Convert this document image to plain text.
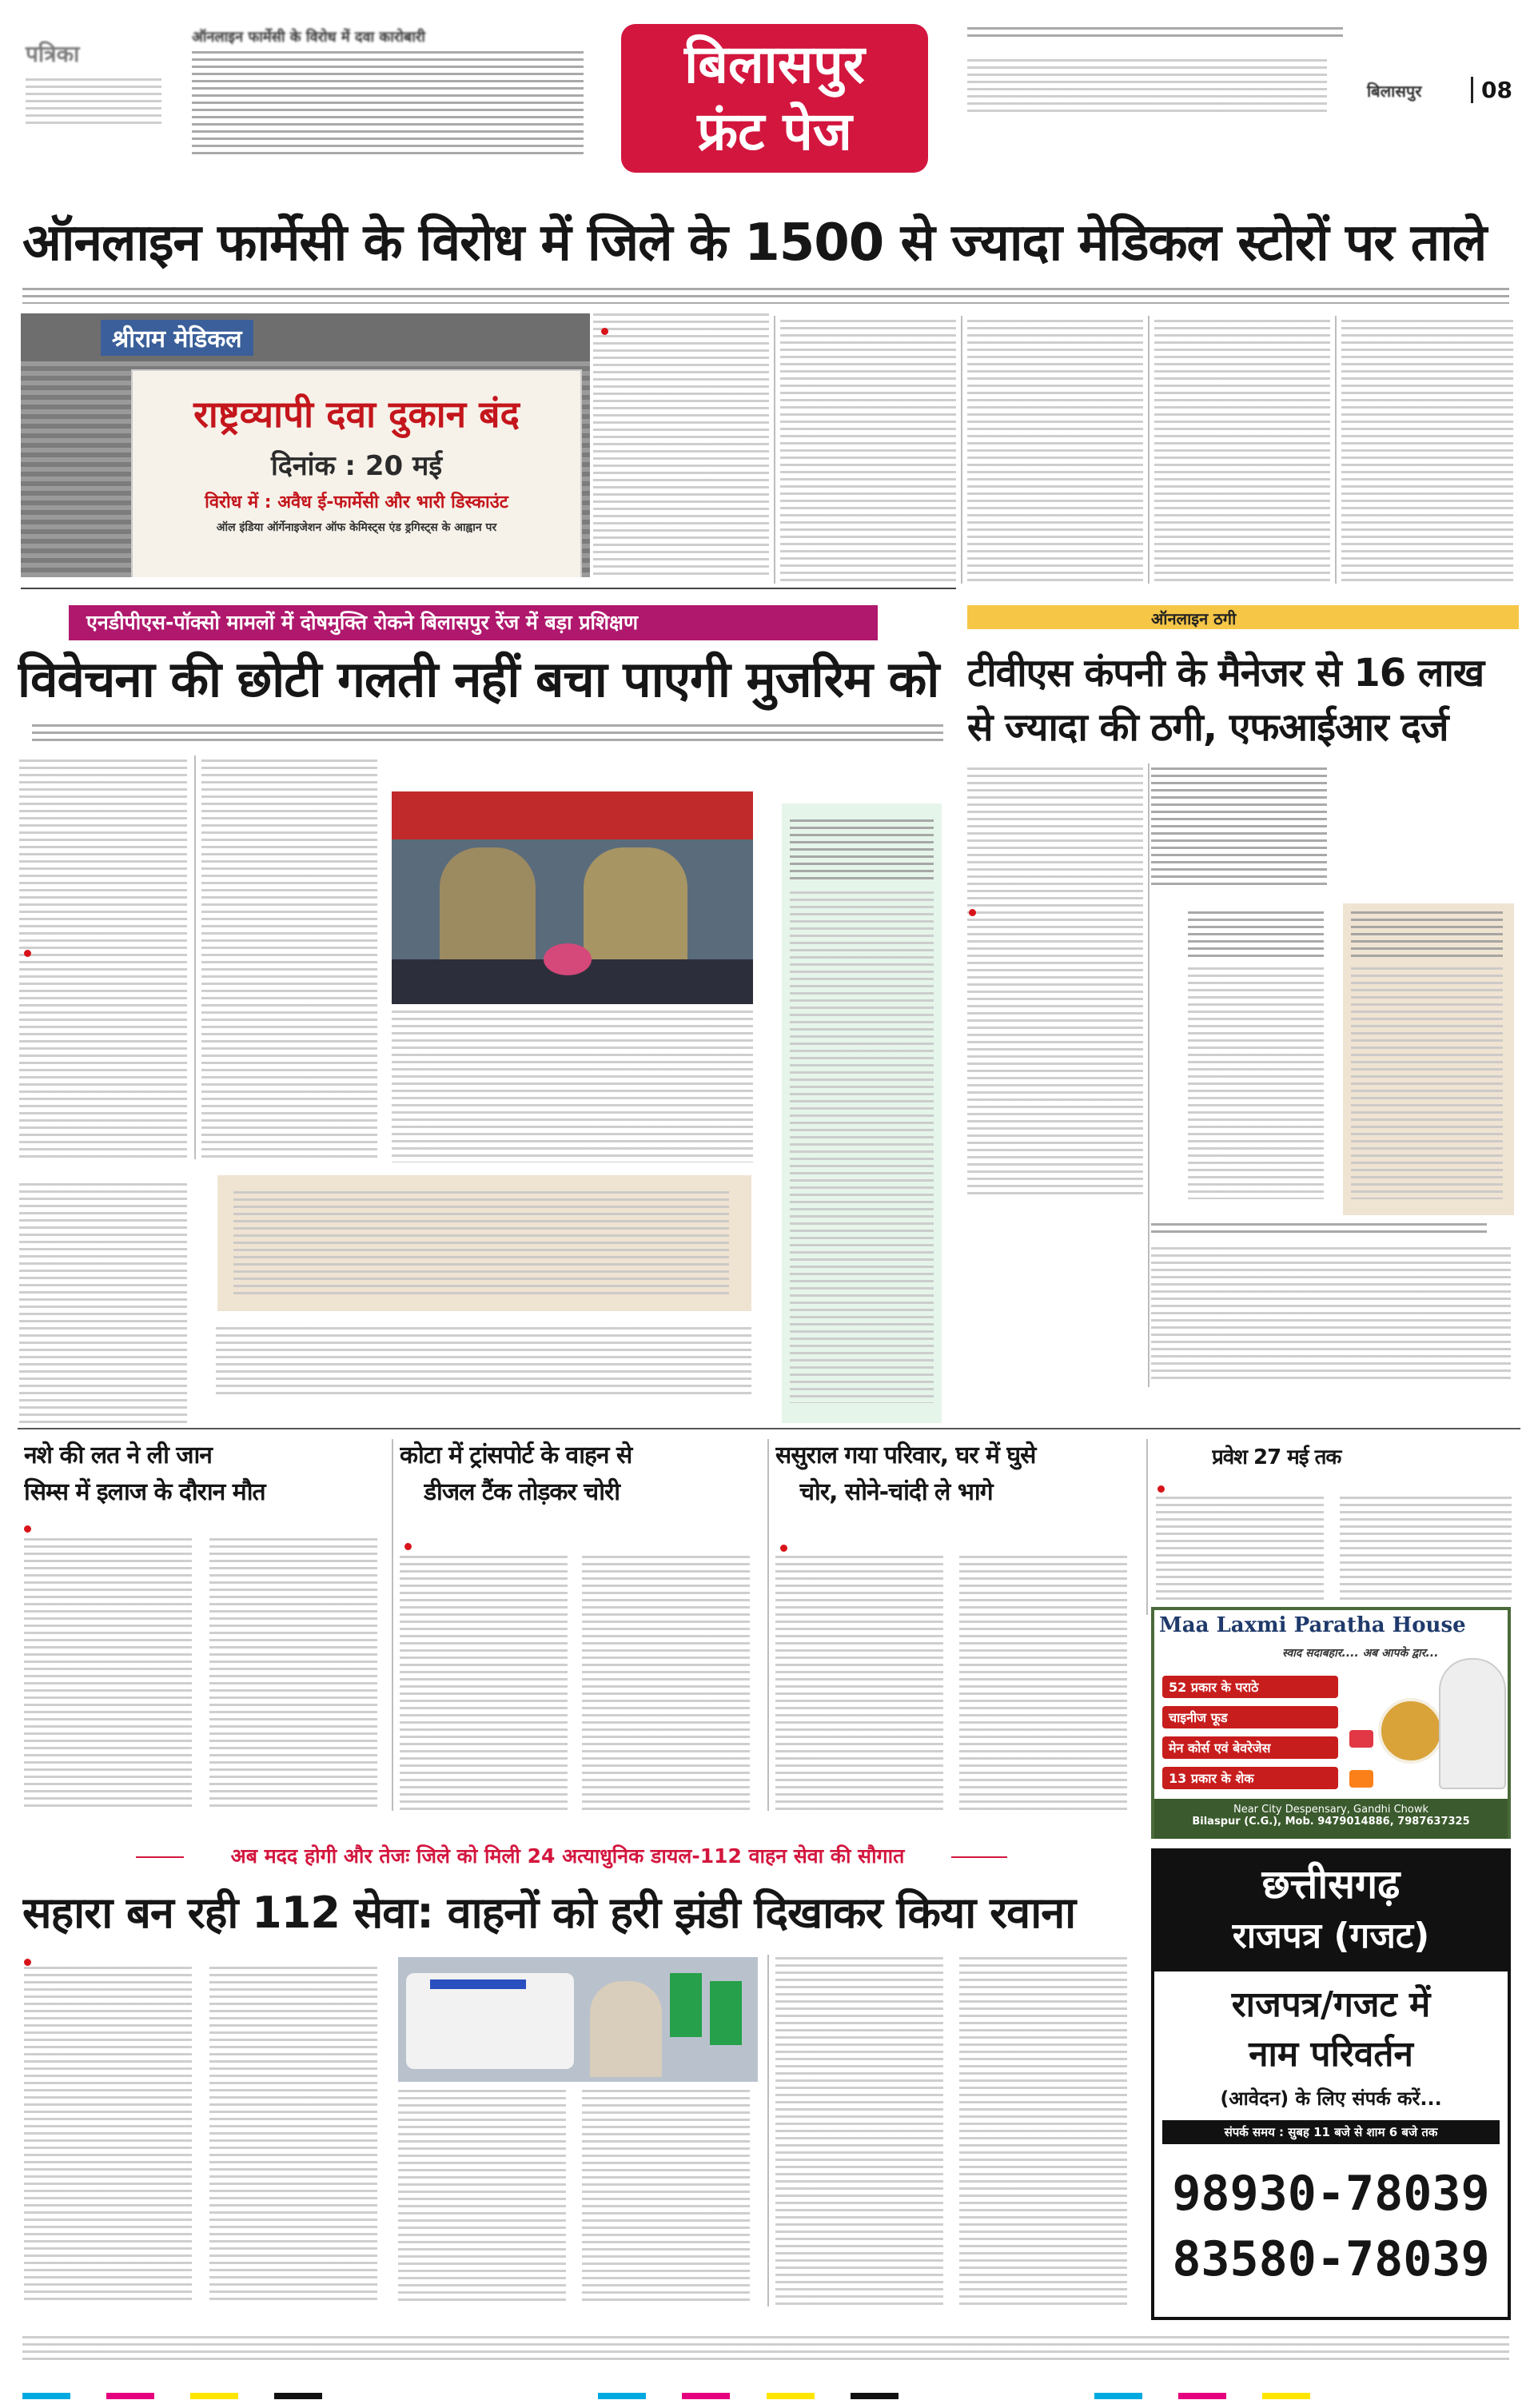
पत्रिका
ऑनलाइन फार्मेसी के विरोध में दवा कारोबारी	बिलासपुर
फ्रंट पेज
बिलासपुर	08
ऑनलाइन फार्मेसी के विरोध में जिले के 1500 से ज्यादा मेडिकल स्टोरों पर ताले
श्रीराम मेडिकल
राष्ट्रव्यापी दवा दुकान बंद
दिनांक : 20 मई
विरोध में : अवैध ई-फार्मेसी और भारी डिस्काउंट
ऑल इंडिया ऑर्गेनाइजेशन ऑफ केमिस्ट्स एंड ड्रगिस्ट्स के आह्वान पर
एनडीपीएस-पॉक्सो मामलों में दोषमुक्ति रोकने बिलासपुर रेंज में बड़ा प्रशिक्षण
विवेचना की छोटी गलती नहीं बचा पाएगी मुजरिम को
ऑनलाइन ठगी
टीवीएस कंपनी के मैनेजर से 16 लाख
से ज्यादा की ठगी, एफआईआर दर्ज
नशे की लत ने ली जान
सिम्स में इलाज के दौरान मौत
कोटा में ट्रांसपोर्ट के वाहन से
डीजल टैंक तोड़कर चोरी
ससुराल गया परिवार, घर में घुसे
चोर, सोने-चांदी ले भागे
प्रवेश 27 मई तक
Maa Laxmi Paratha House
स्वाद सदाबहार.... अब आपके द्वार...
52 प्रकार के पराठे
चाइनीज फूड
मेन कोर्स एवं बेवरेजेस
13 प्रकार के शेक
Near City Despensary, Gandhi Chowk
Bilaspur (C.G.), Mob. 9479014886, 7987637325
अब मदद होगी और तेजः जिले को मिली 24 अत्याधुनिक डायल-112 वाहन सेवा की सौगात
सहारा बन रही 112 सेवा: वाहनों को हरी झंडी दिखाकर किया रवाना
छत्तीसगढ़
राजपत्र (गजट)
राजपत्र/गजट में
नाम परिवर्तन
(आवेदन) के लिए संपर्क करें...
संपर्क समय : सुबह 11 बजे से शाम 6 बजे तक
98930-78039
83580-78039
